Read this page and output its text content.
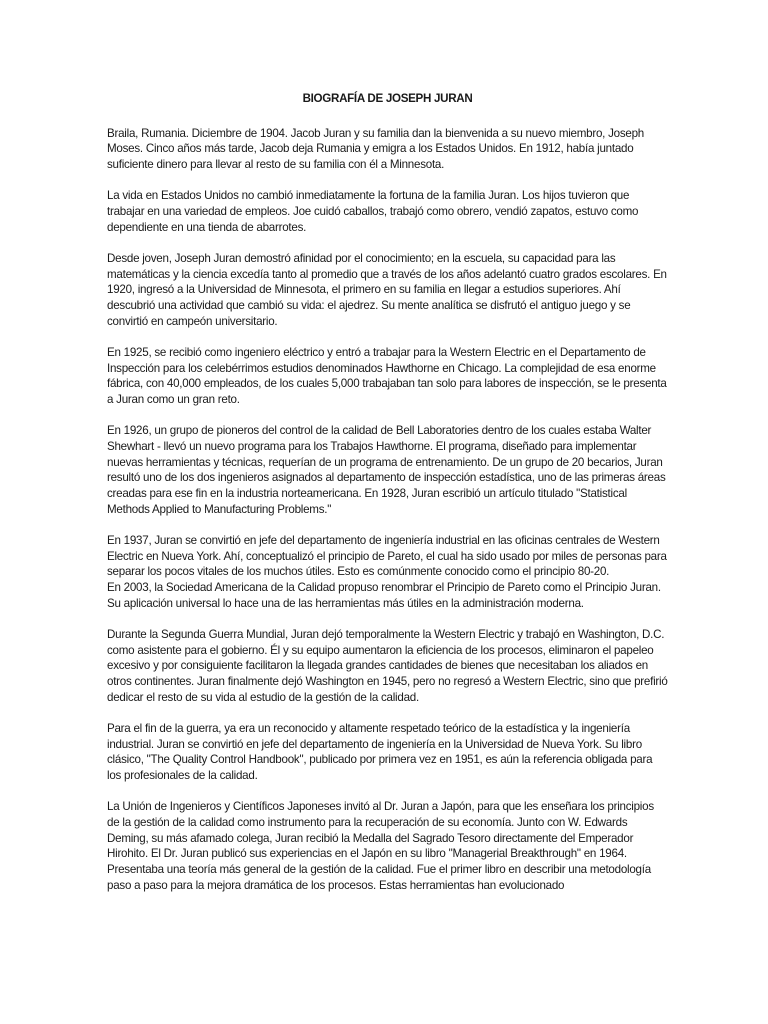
BIOGRAFÍA DE JOSEPH JURAN

Braila, Rumania. Diciembre de 1904. Jacob Juran y su familia dan la bienvenida a su nuevo miembro, Joseph Moses. Cinco años más tarde, Jacob deja Rumania y emigra a los Estados Unidos. En 1912, había juntado suficiente dinero para llevar al resto de su familia con él a Minnesota.

La vida en Estados Unidos no cambió inmediatamente la fortuna de la familia Juran. Los hijos tuvieron que trabajar en una variedad de empleos. Joe cuidó caballos, trabajó como obrero, vendió zapatos, estuvo como dependiente en una tienda de abarrotes.

Desde joven, Joseph Juran demostró afinidad por el conocimiento; en la escuela, su capacidad para las matemáticas y la ciencia excedía tanto al promedio que a través de los años adelantó cuatro grados escolares. En 1920, ingresó a la Universidad de Minnesota, el primero en su familia en llegar a estudios superiores. Ahí descubrió una actividad que cambió su vida: el ajedrez. Su mente analítica se disfrutó el antiguo juego y se convirtió en campeón universitario.

En 1925, se recibió como ingeniero eléctrico y entró a trabajar para la Western Electric en el Departamento de Inspección para los celebérrimos estudios denominados Hawthorne en Chicago. La complejidad de esa enorme fábrica, con 40,000 empleados, de los cuales 5,000 trabajaban tan solo para labores de inspección, se le presenta a Juran como un gran reto.

En 1926, un grupo de pioneros del control de la calidad de Bell Laboratories dentro de los cuales estaba Walter Shewhart - llevó un nuevo programa para los Trabajos Hawthorne. El programa, diseñado para implementar nuevas herramientas y técnicas, requerían de un programa de entrenamiento. De un grupo de 20 becarios, Juran resultó uno de los dos ingenieros asignados al departamento de inspección estadística, uno de las primeras áreas creadas para ese fin en la industria norteamericana. En 1928, Juran escribió un artículo titulado "Statistical Methods Applied to Manufacturing Problems."

En 1937, Juran se convirtió en jefe del departamento de ingeniería industrial en las oficinas centrales de Western Electric en Nueva York. Ahí, conceptualizó el principio de Pareto, el cual ha sido usado por miles de personas para separar los pocos vitales de los muchos útiles. Esto es comúnmente conocido como el principio 80-20.

En 2003, la Sociedad Americana de la Calidad propuso renombrar el Principio de Pareto como el Principio Juran. Su aplicación universal lo hace una de las herramientas más útiles en la administración moderna.

Durante la Segunda Guerra Mundial, Juran dejó temporalmente la Western Electric y trabajó en Washington, D.C. como asistente para el gobierno. Él y su equipo aumentaron la eficiencia de los procesos, eliminaron el papeleo excesivo y por consiguiente facilitaron la llegada grandes cantidades de bienes que necesitaban los aliados en otros continentes. Juran finalmente dejó Washington en 1945, pero no regresó a Western Electric, sino que prefirió dedicar el resto de su vida al estudio de la gestión de la calidad.

Para el fin de la guerra, ya era un reconocido y altamente respetado teórico de la estadística y la ingeniería industrial. Juran se convirtió en jefe del departamento de ingeniería en la Universidad de Nueva York. Su libro clásico, "The Quality Control Handbook", publicado por primera vez en 1951, es aún la referencia obligada para los profesionales de la calidad.

La Unión de Ingenieros y Científicos Japoneses invitó al Dr. Juran a Japón, para que les enseñara los principios de la gestión de la calidad como instrumento para la recuperación de su economía. Junto con W. Edwards Deming, su más afamado colega, Juran recibió la Medalla del Sagrado Tesoro directamente del Emperador Hirohito. El Dr. Juran publicó sus experiencias en el Japón en su libro "Managerial Breakthrough" en 1964. Presentaba una teoría más general de la gestión de la calidad. Fue el primer libro en describir una metodología paso a paso para la mejora dramática de los procesos. Estas herramientas han evolucionado
